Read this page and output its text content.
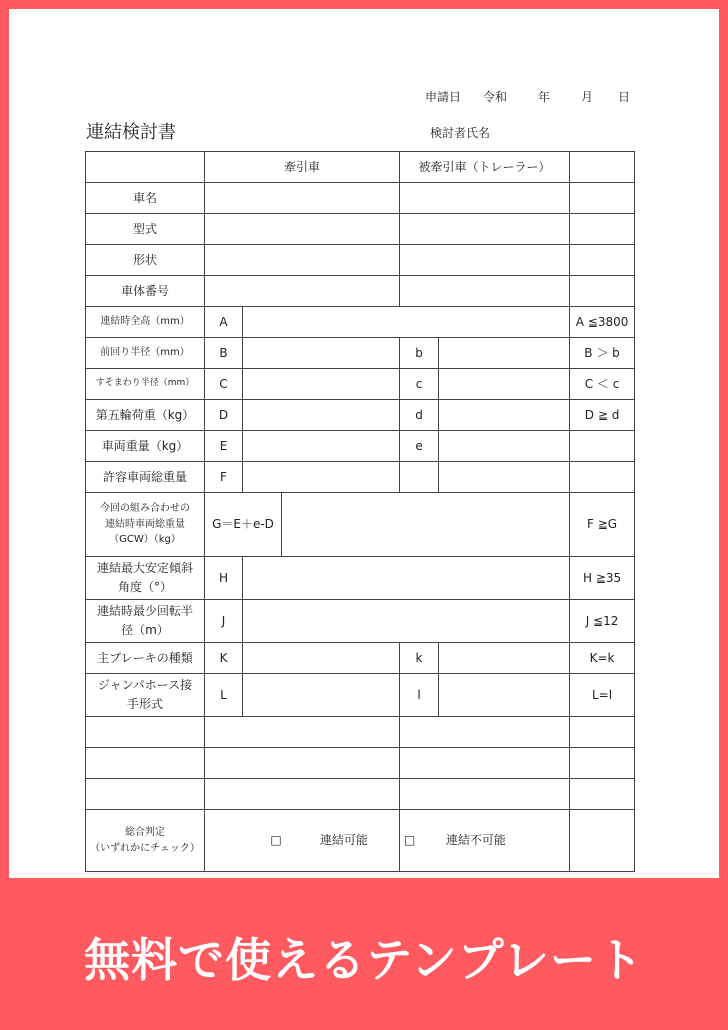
申請日 令和	年	月 日
連結検討書	検討者氏名
	牽引車			被牽引車（トレーラー）		
車名						
型式						
形状						
車体番号						
連結時全高（mm）	A					A ≦3800
前回り半径（mm）	B			b		B ＞ b
すそまわり半径（mm）	C			c		C ＜ c
第五輪荷重（kg）	D			d		D ≧ d
車両重量（kg）	E			e		
許容車両総重量	F					

今回の組み合わせの
連結時車両総重量
（GCW）（kg）	G＝E＋e-D					F ≧G

連結最大安定傾斜
角度（°）	H					H ≧35

連結時最少回転半
径（m）	J					J ≦12
主ブレーキの種類	K			k		K=k

ジャンパホース接
手形式	L			l		L=l

総合判定
（いずれかにチェック）	□ 連結可能			□ 連結不可能		
無料で使えるテンプレート
